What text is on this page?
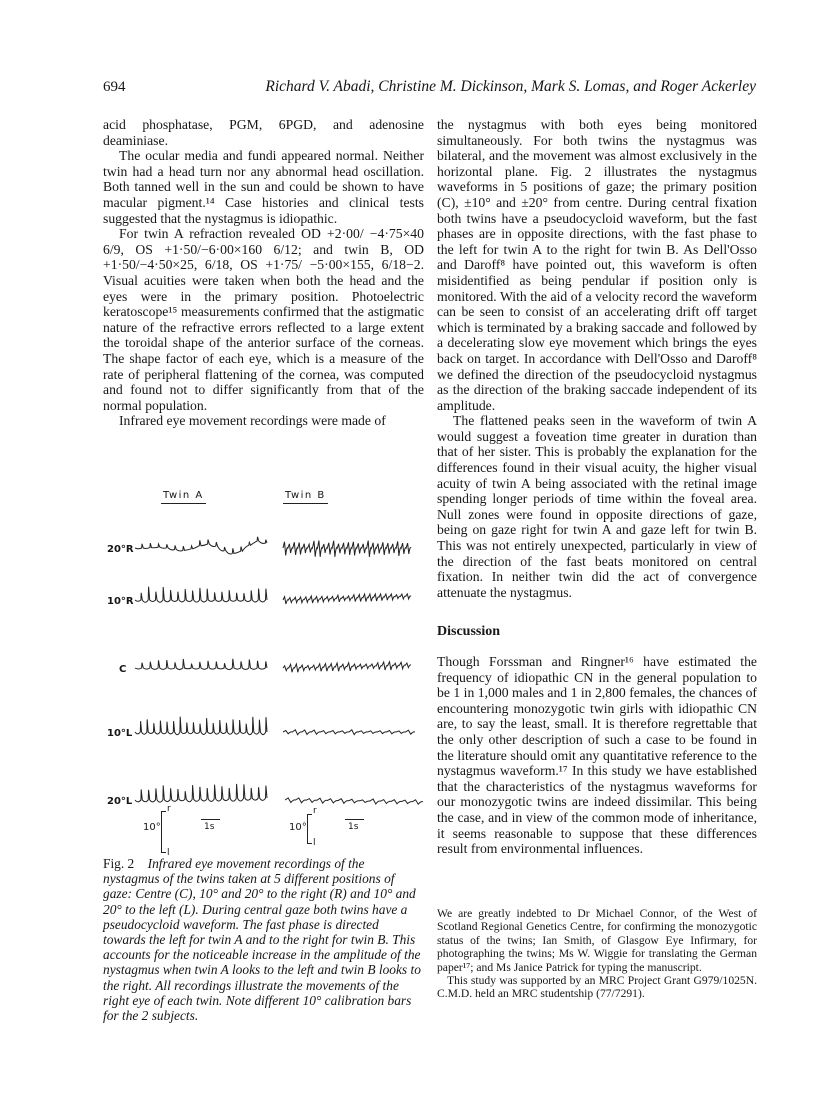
694	Richard V. Abadi, Christine M. Dickinson, Mark S. Lomas, and Roger Ackerley

acid phosphatase, PGM, 6PGD, and adenosine deaminiase.

The ocular media and fundi appeared normal. Neither twin had a head turn nor any abnormal head oscillation. Both tanned well in the sun and could be shown to have macular pigment.¹⁴ Case histories and clinical tests suggested that the nystagmus is idiopathic.

For twin A refraction revealed OD +2·00/ −4·75×40 6/9, OS +1·50/−6·00×160 6/12; and twin B, OD +1·50/−4·50×25, 6/18, OS +1·75/ −5·00×155, 6/18−2. Visual acuities were taken when both the head and the eyes were in the primary position. Photoelectric keratoscope¹⁵ measurements confirmed that the astigmatic nature of the refractive errors reflected to a large extent the toroidal shape of the anterior surface of the corneas. The shape factor of each eye, which is a measure of the rate of peripheral flattening of the cornea, was computed and found not to differ significantly from that of the normal population.

Infrared eye movement recordings were made of

Twin A	Twin B
20°R
10°R
C
10°L
20°L
10°
r
l
1s	10°
r
l
1s
Fig. 2 Infrared eye movement recordings of the nystagmus of the twins taken at 5 different positions of gaze: Centre (C), 10° and 20° to the right (R) and 10° and 20° to the left (L). During central gaze both twins have a pseudocycloid waveform. The fast phase is directed towards the left for twin A and to the right for twin B. This accounts for the noticeable increase in the amplitude of the nystagmus when twin A looks to the left and twin B looks to the right. All recordings illustrate the movements of the right eye of each twin. Note different 10° calibration bars for the 2 subjects.

the nystagmus with both eyes being monitored simultaneously. For both twins the nystagmus was bilateral, and the movement was almost exclusively in the horizontal plane. Fig. 2 illustrates the nystagmus waveforms in 5 positions of gaze; the primary position (C), ±10° and ±20° from centre. During central fixation both twins have a pseudocycloid waveform, but the fast phases are in opposite directions, with the fast phase to the left for twin A to the right for twin B. As Dell'Osso and Daroff⁸ have pointed out, this waveform is often misidentified as being pendular if position only is monitored. With the aid of a velocity record the waveform can be seen to consist of an accelerating drift off target which is terminated by a braking saccade and followed by a decelerating slow eye movement which brings the eyes back on target. In accordance with Dell'Osso and Daroff⁸ we defined the direction of the pseudocycloid nystagmus as the direction of the braking saccade independent of its amplitude.

The flattened peaks seen in the waveform of twin A would suggest a foveation time greater in duration than that of her sister. This is probably the explanation for the differences found in their visual acuity, the higher visual acuity of twin A being associated with the retinal image spending longer periods of time within the foveal area. Null zones were found in opposite directions of gaze, being on gaze right for twin A and gaze left for twin B. This was not entirely unexpected, particularly in view of the direction of the fast beats monitored on central fixation. In neither twin did the act of convergence attenuate the nystagmus.

Discussion

Though Forssman and Ringner¹⁶ have estimated the frequency of idiopathic CN in the general population to be 1 in 1,000 males and 1 in 2,800 females, the chances of encountering monozygotic twin girls with idiopathic CN are, to say the least, small. It is therefore regrettable that the only other description of such a case to be found in the literature should omit any quantitative reference to the nystagmus waveform.¹⁷ In this study we have established that the characteristics of the nystagmus waveforms for our monozygotic twins are indeed dissimilar. This being the case, and in view of the common mode of inheritance, it seems reasonable to suppose that these differences result from environmental influences.

We are greatly indebted to Dr Michael Connor, of the West of Scotland Regional Genetics Centre, for confirming the monozygotic status of the twins; Ian Smith, of Glasgow Eye Infirmary, for photographing the twins; Ms W. Wiggie for translating the German paper¹⁷; and Ms Janice Patrick for typing the manuscript.

This study was supported by an MRC Project Grant G979/1025N. C.M.D. held an MRC studentship (77/7291).
